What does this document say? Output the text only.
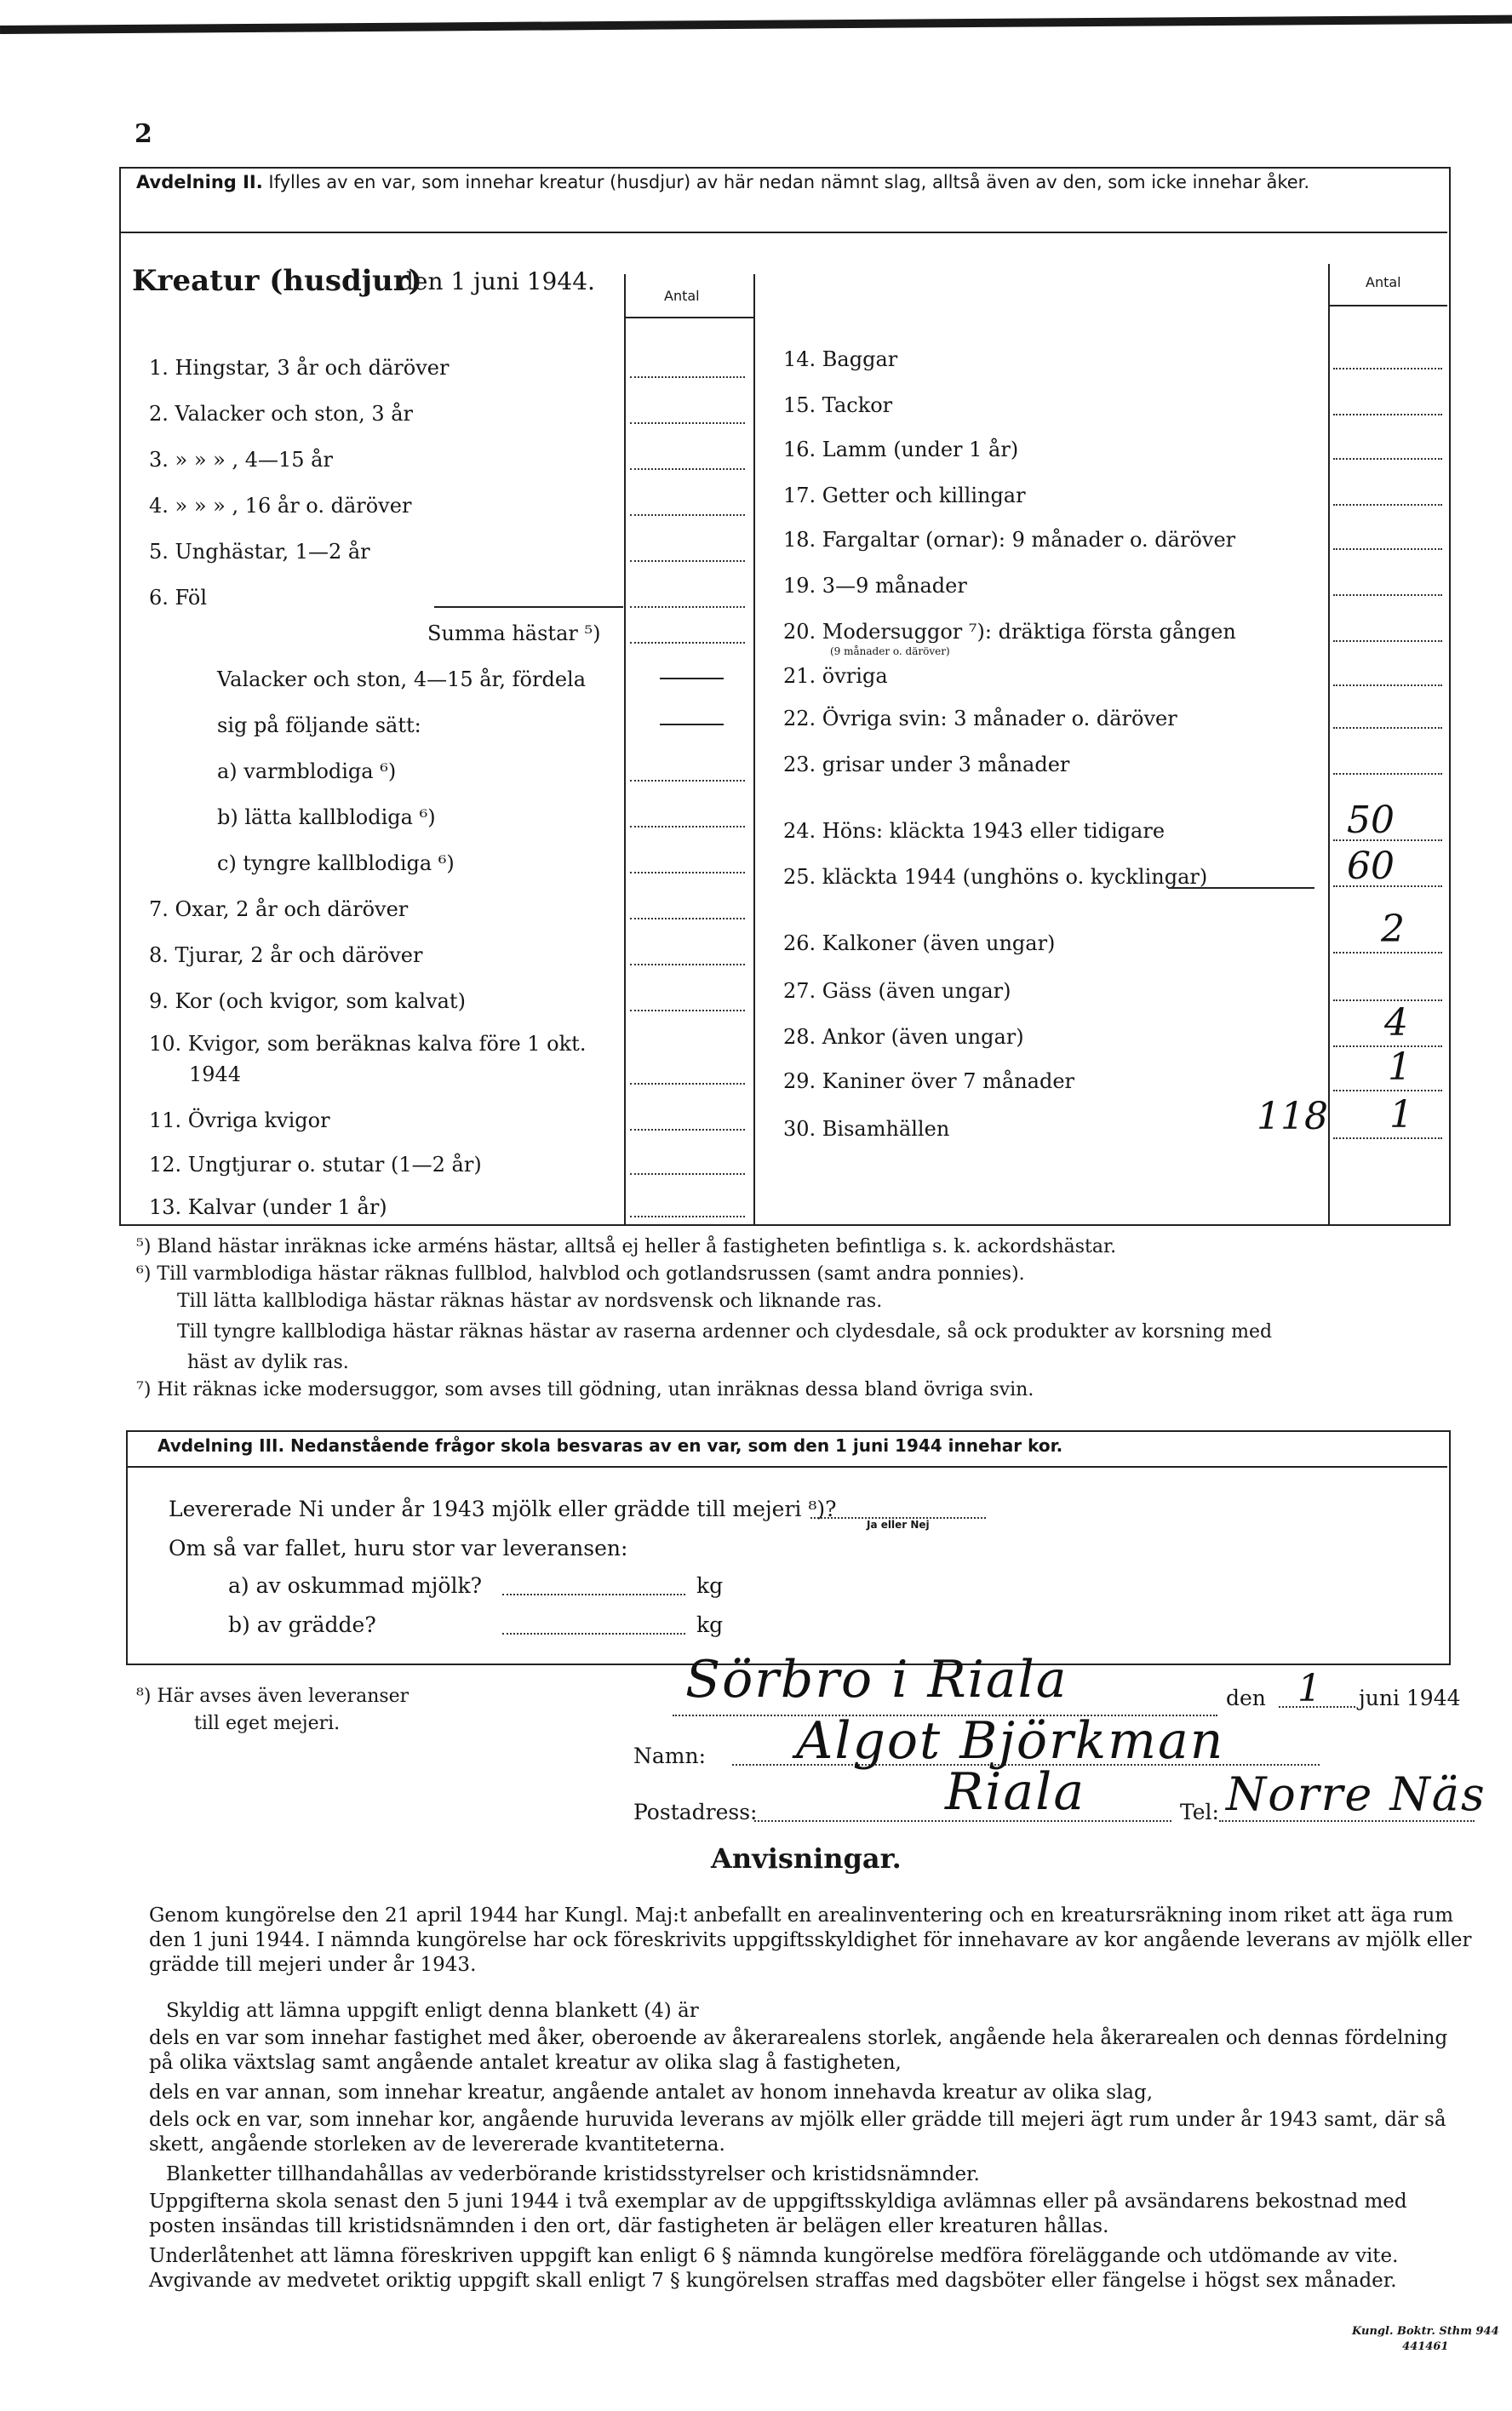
2
Avdelning II. Ifylles av en var, som innehar kreatur (husdjur) av här nedan nämnt slag, alltså även av den, som icke innehar åker.
Kreatur (husdjur)
den 1 juni 1944.
Antal
Antal
1. Hingstar, 3 år och däröver
2. Valacker och ston, 3 år
3. » » » , 4—15 år
4. » » » , 16 år o. däröver
5. Unghästar, 1—2 år
6. Föl
Summa hästar ⁵)
Valacker och ston, 4—15 år, fördela
sig på följande sätt:
a) varmblodiga ⁶)
b) lätta kallblodiga ⁶)
c) tyngre kallblodiga ⁶)
7. Oxar, 2 år och däröver
8. Tjurar, 2 år och däröver
9. Kor (och kvigor, som kalvat)
10. Kvigor, som beräknas kalva före 1 okt.
1944
11. Övriga kvigor
12. Ungtjurar o. stutar (1—2 år)
13. Kalvar (under 1 år)
14. Baggar
15. Tackor
16. Lamm (under 1 år)
17. Getter och killingar
18. Fargaltar (ornar): 9 månader o. däröver
19. 3—9 månader
20. Modersuggor ⁷): dräktiga första gången
(9 månader o. däröver)
21. övriga
22. Övriga svin: 3 månader o. däröver
23. grisar under 3 månader
24. Höns: kläckta 1943 eller tidigare	50
25. kläckta 1944 (unghöns o. kycklingar)	60
26. Kalkoner (även ungar)	2
27. Gäss (även ungar)
28. Ankor (även ungar)	4
29. Kaniner över 7 månader	1
30. Bisamhällen	118 1
⁵) Bland hästar inräknas icke arméns hästar, alltså ej heller å fastigheten befintliga s. k. ackordshästar.
⁶) Till varmblodiga hästar räknas fullblod, halvblod och gotlandsrussen (samt andra ponnies).
Till lätta kallblodiga hästar räknas hästar av nordsvensk och liknande ras.
Till tyngre kallblodiga hästar räknas hästar av raserna ardenner och clydesdale, så ock produkter av korsning med
häst av dylik ras.
⁷) Hit räknas icke modersuggor, som avses till gödning, utan inräknas dessa bland övriga svin.
Avdelning III. Nedanstående frågor skola besvaras av en var, som den 1 juni 1944 innehar kor.
Levererade Ni under år 1943 mjölk eller grädde till mejeri ⁸)?
Ja eller Nej
Om så var fallet, huru stor var leveransen:
a) av oskummad mjölk?	kg
b) av grädde?	kg
⁸) Här avses även leveranser
till eget mejeri.
Sörbro i Riala	den 1 juni 1944
Namn: Algot Björkman
Postadress:	Riala	Tel: Norre Näs
Anvisningar.
Genom kungörelse den 21 april 1944 har Kungl. Maj:t anbefallt en arealinventering och en kreatursräkning inom riket att äga rum den 1 juni 1944. I nämnda kungörelse har ock föreskrivits uppgiftsskyldighet för innehavare av kor angående leverans av mjölk eller grädde till mejeri under år 1943.
Skyldig att lämna uppgift enligt denna blankett (4) är
dels en var som innehar fastighet med åker, oberoende av åkerarealens storlek, angående hela åkerarealen och dennas fördelning på olika växtslag samt angående antalet kreatur av olika slag å fastigheten,
dels en var annan, som innehar kreatur, angående antalet av honom innehavda kreatur av olika slag,
dels ock en var, som innehar kor, angående huruvida leverans av mjölk eller grädde till mejeri ägt rum under år 1943 samt, där så skett, angående storleken av de levererade kvantiteterna.
Blanketter tillhandahållas av vederbörande kristidsstyrelser och kristidsnämnder.
Uppgifterna skola senast den 5 juni 1944 i två exemplar av de uppgiftsskyldiga avlämnas eller på avsändarens bekostnad med posten insändas till kristidsnämnden i den ort, där fastigheten är belägen eller kreaturen hållas.
Underlåtenhet att lämna föreskriven uppgift kan enligt 6 § nämnda kungörelse medföra föreläggande och utdömande av vite. Avgivande av medvetet oriktig uppgift skall enligt 7 § kungörelsen straffas med dagsböter eller fängelse i högst sex månader.
Kungl. Boktr. Sthm 944
441461
